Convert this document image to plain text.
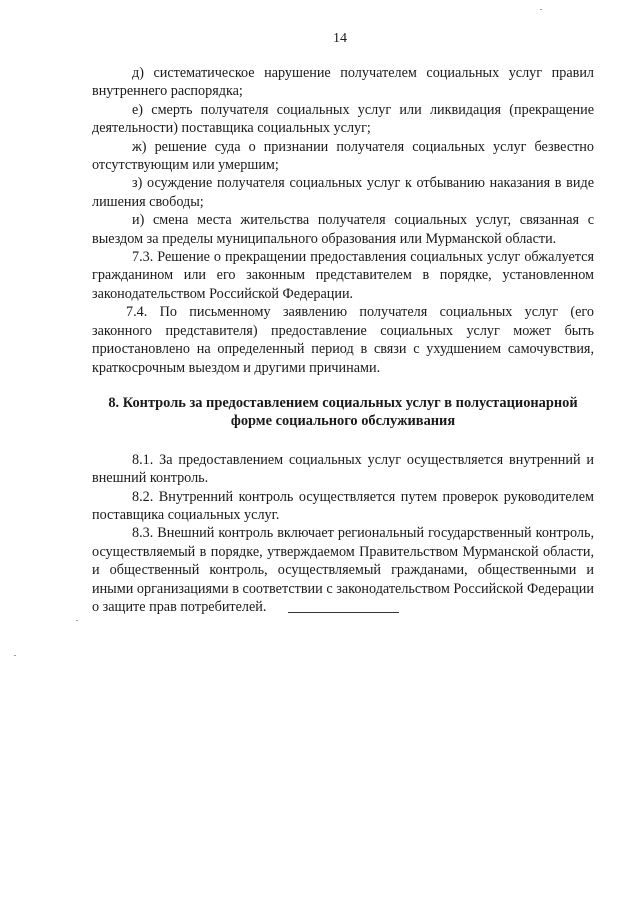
14

д) систематическое нарушение получателем социальных услуг правил внутреннего распорядка;

е) смерть получателя социальных услуг или ликвидация (прекращение деятельности) поставщика социальных услуг;

ж) решение суда о признании получателя социальных услуг безвестно отсутствующим или умершим;

з) осуждение получателя социальных услуг к отбыванию наказания в виде лишения свободы;

и) смена места жительства получателя социальных услуг, связанная с выездом за пределы муниципального образования или Мурманской области.

7.3. Решение о прекращении предоставления социальных услуг обжалуется гражданином или его законным представителем в порядке, установленном законодательством Российской Федерации.

7.4. По письменному заявлению получателя социальных услуг (его законного представителя) предоставление социальных услуг может быть приостановлено на определенный период в связи с ухудшением самочувствия, краткосрочным выездом и другими причинами.

8. Контроль за предоставлением социальных услуг в полустационарной форме социального обслуживания

8.1. За предоставлением социальных услуг осуществляется внутренний и внешний контроль.

8.2. Внутренний контроль осуществляется путем проверок руководителем поставщика социальных услуг.

8.3. Внешний контроль включает региональный государственный контроль, осуществляемый в порядке, утверждаемом Правительством Мурманской области, и общественный контроль, осуществляемый гражданами, общественными и иными организациями в соответствии с законодательством Российской Федерации о защите прав потребителей.
